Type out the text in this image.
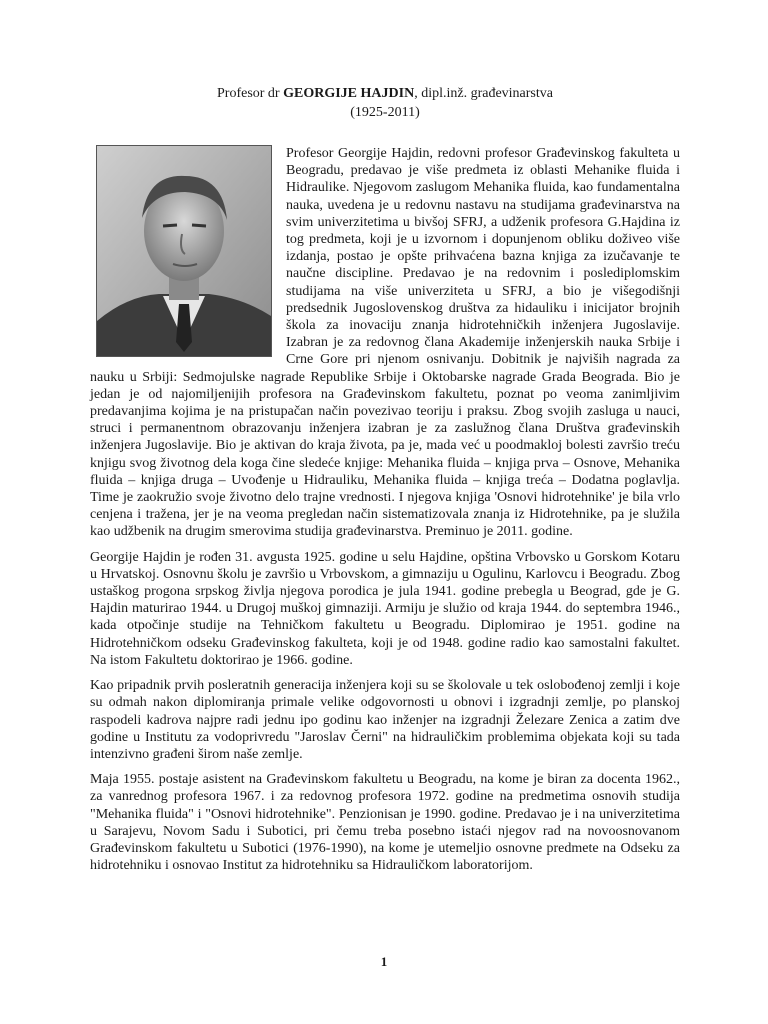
Profesor dr GEORGIJE HAJDIN, dipl.inž. građevinarstva
(1925-2011)

Profesor Georgije Hajdin, redovni profesor Građevinskog fakulteta u Beogradu, predavao je više predmeta iz oblasti Mehanike fluida i Hidraulike. Njegovom zaslugom Mehanika fluida, kao fundamentalna nauka, uvedena je u redovnu nastavu na studijama građevinarstva na svim univerzitetima u bivšoj SFRJ, a udženik profesora G.Hajdina iz tog predmeta, koji je u izvornom i dopunjenom obliku doživeo više izdanja, postao je opšte prihvaćena bazna knjiga za izučavanje te naučne discipline. Predavao je na redovnim i poslediplomskim studijama na više univerziteta u SFRJ, a bio je višegodišnji predsednik Jugoslovenskog društva za hidauliku i inicijator brojnih škola za inovaciju znanja hidrotehničkih inženjera Jugoslavije. Izabran je za redovnog člana Akademije inženjerskih nauka Srbije i Crne Gore pri njenom osnivanju. Dobitnik je najviših nagrada za nauku u Srbiji: Sedmojulske nagrade Republike Srbije i Oktobarske nagrade Grada Beograda. Bio je jedan je od najomiljenijih profesora na Građevinskom fakultetu, poznat po veoma zanimljivim predavanjima kojima je na pristupačan način povezivao teoriju i praksu. Zbog svojih zasluga u nauci, struci i permanentnom obrazovanju inženjera izabran je za zaslužnog člana Društva građevinskih inženjera Jugoslavije. Bio je aktivan do kraja života, pa je, mada već u poodmakloj bolesti završio treću knjigu svog životnog dela koga čine sledeće knjige: Mehanika fluida – knjiga prva – Osnove, Mehanika fluida – knjiga druga – Uvođenje u Hidrauliku, Mehanika fluida – knjiga treća – Dodatna poglavlja. Time je zaokružio svoje životno delo trajne vrednosti. I njegova knjiga 'Osnovi hidrotehnike' je bila vrlo cenjena i tražena, jer je na veoma pregledan način sistematizovala znanja iz Hidrotehnike, pa je služila kao udžbenik na drugim smerovima studija građevinarstva. Preminuo je 2011. godine.

Georgije Hajdin je rođen 31. avgusta 1925. godine u selu Hajdine, opština Vrbovsko u Gorskom Kotaru u Hrvatskoj. Osnovnu školu je završio u Vrbovskom, a gimnaziju u Ogulinu, Karlovcu i Beogradu. Zbog ustaškog progona srpskog življa njegova porodica je jula 1941. godine prebegla u Beograd, gde je G. Hajdin maturirao 1944. u Drugoj muškoj gimnaziji. Armiju je služio od kraja 1944. do septembra 1946., kada otpočinje studije na Tehničkom fakultetu u Beogradu. Diplomirao je 1951. godine na Hidrotehničkom odseku Građevinskog fakulteta, koji je od 1948. godine radio kao samostalni fakultet. Na istom Fakultetu doktorirao je 1966. godine.

Kao pripadnik prvih posleratnih generacija inženjera koji su se školovale u tek oslobođenoj zemlji i koje su odmah nakon diplomiranja primale velike odgovornosti u obnovi i izgradnji zemlje, po planskoj raspodeli kadrova najpre radi jednu ipo godinu kao inženjer na izgradnji Železare Zenica a zatim dve godine u Institutu za vodoprivredu "Jaroslav Černi" na hidrauličkim problemima objekata koji su tada intenzivno građeni širom naše zemlje.

Maja 1955. postaje asistent na Građevinskom fakultetu u Beogradu, na kome je biran za docenta 1962., za vanrednog profesora 1967. i za redovnog profesora 1972. godine na predmetima osnovih studija "Mehanika fluida" i "Osnovi hidrotehnike". Penzionisan je 1990. godine. Predavao je i na univerzitetima u Sarajevu, Novom Sadu i Subotici, pri čemu treba posebno istaći njegov rad na novoosnovanom Građevinskom fakultetu u Subotici (1976-1990), na kome je utemeljio osnovne predmete na Odseku za hidrotehniku i osnovao Institut za hidrotehniku sa Hidrauličkom laboratorijom.

1
